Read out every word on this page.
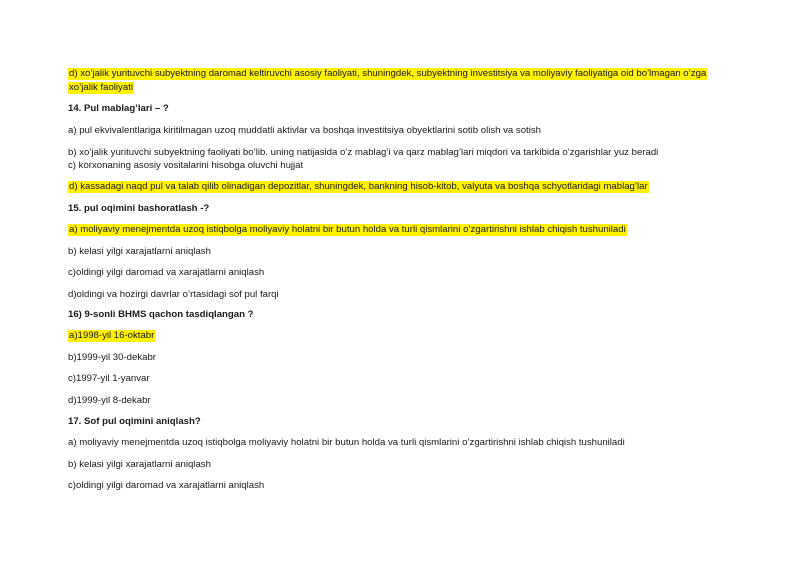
d) xo’jalik yurituvchi subyektning daromad keltiruvchi asosiy faoliyati, shuningdek, subyektning investitsiya va moliyaviy faoliyatiga oid bo’lmagan o’zga
xo’jalik faoliyati
14. Pul mablag’lari – ?
a) pul ekvivalentlariga kiritilmagan uzoq muddatli aktivlar va boshqa investitsiya obyektlarini sotib olish va sotish
b) xo’jalik yurituvchi subyektning faoliyati bo’lib. uning natijasida o’z mablag’i va qarz mablag’lari miqdori va tarkibida o’zgarishlar yuz beradi
c) korxonaning asosiy vositalarini hisobga oluvchi hujjat
d) kassadagi naqd pul va talab qilib olinadigan depozitlar, shuningdek, bankning hisob-kitob, valyuta va boshqa schyotlaridagi mablag’lar
15. pul oqimini bashoratlash -?
a) moliyaviy menejmentda uzoq istiqbolga moliyaviy holatni bir butun holda va turli qismlarini o’zgartirishni ishlab chiqish tushuniladi
b) kelasi yilgi xarajatlarni aniqlash
c)oldingi yilgi daromad va xarajatlarni aniqlash
d)oldingi va hozirgi davrlar o’rtasidagi sof pul farqi
16) 9-sonli BHMS qachon tasdiqlangan ?
a)1998-yil 16-oktabr
b)1999-yil 30-dekabr
c)1997-yil 1-yanvar
d)1999-yil 8-dekabr
17. Sof pul oqimini aniqlash?
a) moliyaviy menejmentda uzoq istiqbolga moliyaviy holatni bir butun holda va turli qismlarini o’zgartirishni ishlab chiqish tushuniladi
b) kelasi yilgi xarajatlarni aniqlash
c)oldingi yilgi daromad va xarajatlarni aniqlash
